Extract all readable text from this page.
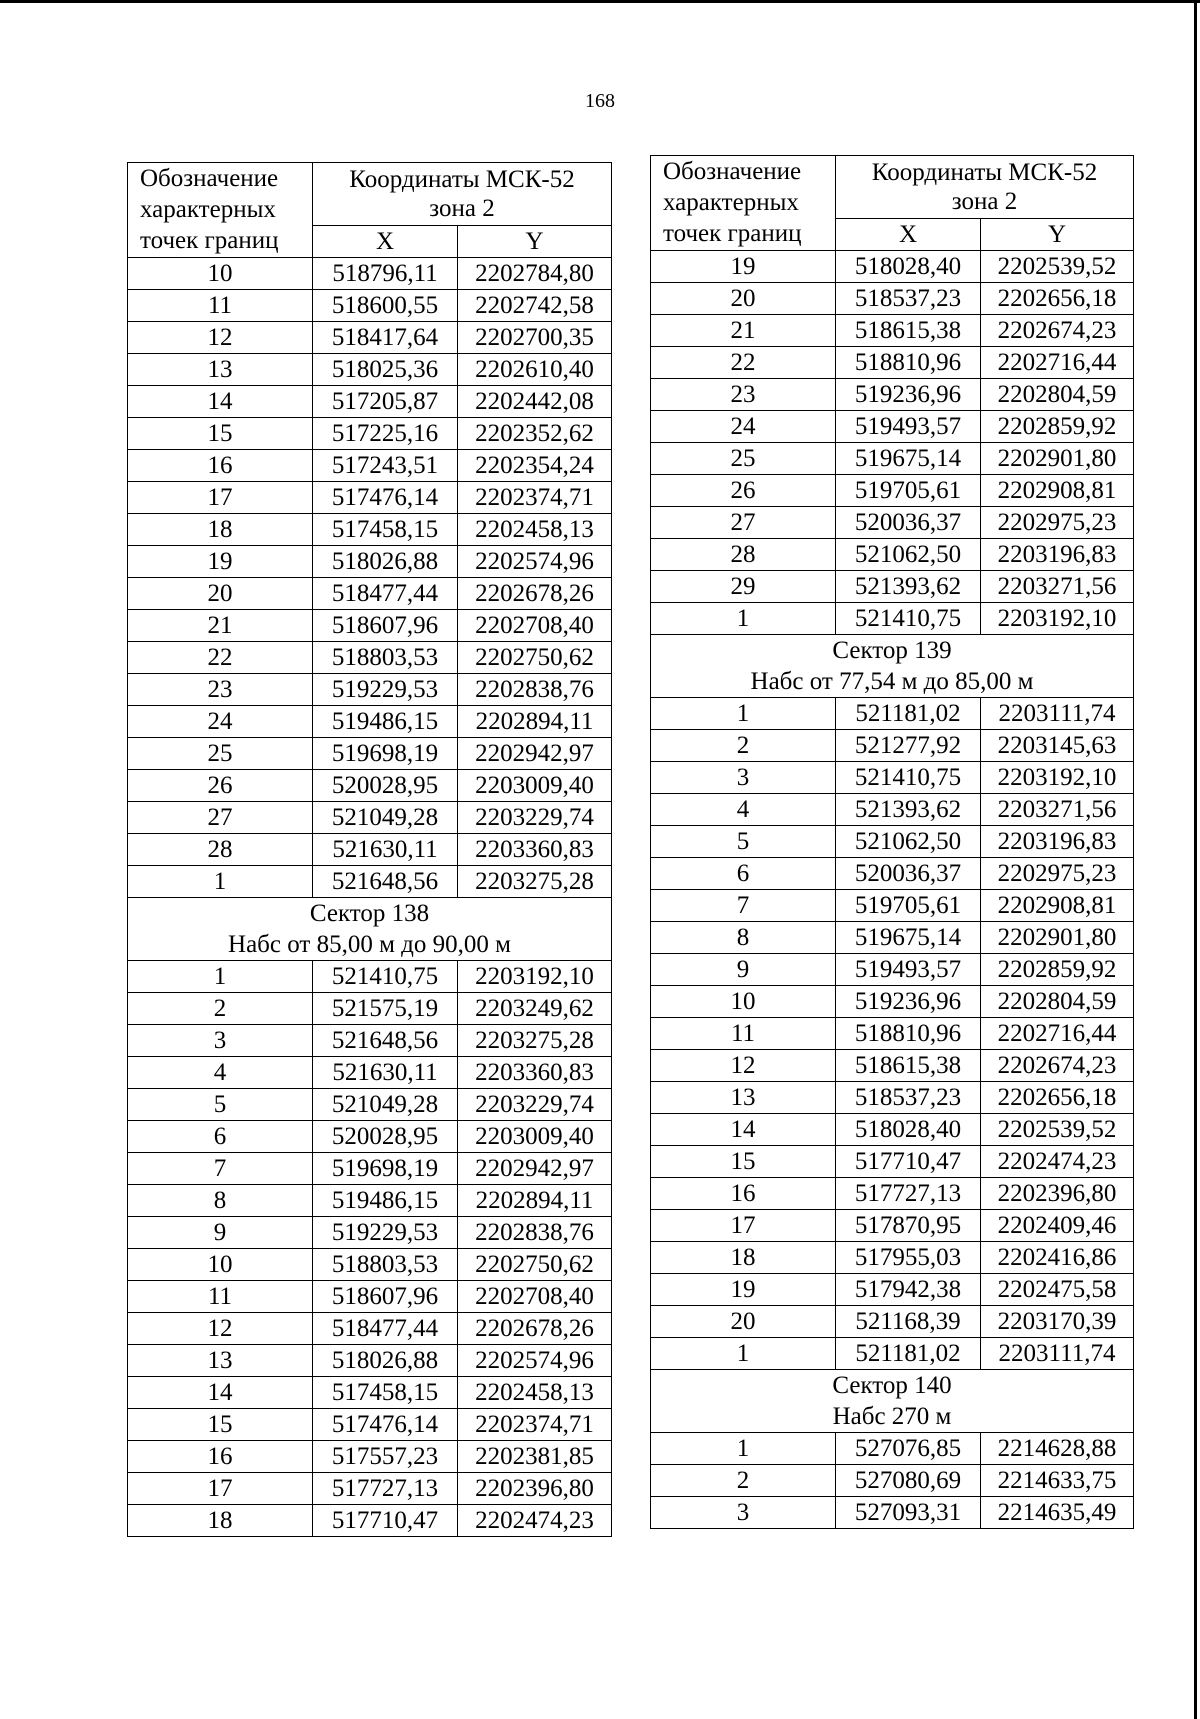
168
Обозначение
характерных
точек границ	Координаты МСК-52
зона 2	

	X	Y
10	518796,11	2202784,80
11	518600,55	2202742,58
12	518417,64	2202700,35
13	518025,36	2202610,40
14	517205,87	2202442,08
15	517225,16	2202352,62
16	517243,51	2202354,24
17	517476,14	2202374,71
18	517458,15	2202458,13
19	518026,88	2202574,96
20	518477,44	2202678,26
21	518607,96	2202708,40
22	518803,53	2202750,62
23	519229,53	2202838,76
24	519486,15	2202894,11
25	519698,19	2202942,97
26	520028,95	2203009,40
27	521049,28	2203229,74
28	521630,11	2203360,83
1	521648,56	2203275,28

Сектор 138
Набс от 85,00 м до 90,00 м		

1	521410,75	2203192,10
2	521575,19	2203249,62
3	521648,56	2203275,28
4	521630,11	2203360,83
5	521049,28	2203229,74
6	520028,95	2203009,40
7	519698,19	2202942,97
8	519486,15	2202894,11
9	519229,53	2202838,76
10	518803,53	2202750,62
11	518607,96	2202708,40
12	518477,44	2202678,26
13	518026,88	2202574,96
14	517458,15	2202458,13
15	517476,14	2202374,71
16	517557,23	2202381,85
17	517727,13	2202396,80
18	517710,47	2202474,23
Обозначение
характерных
точек границ	Координаты МСК-52
зона 2	

	X	Y
19	518028,40	2202539,52
20	518537,23	2202656,18
21	518615,38	2202674,23
22	518810,96	2202716,44
23	519236,96	2202804,59
24	519493,57	2202859,92
25	519675,14	2202901,80
26	519705,61	2202908,81
27	520036,37	2202975,23
28	521062,50	2203196,83
29	521393,62	2203271,56
1	521410,75	2203192,10

Сектор 139
Набс от 77,54 м до 85,00 м		

1	521181,02	2203111,74
2	521277,92	2203145,63
3	521410,75	2203192,10
4	521393,62	2203271,56
5	521062,50	2203196,83
6	520036,37	2202975,23
7	519705,61	2202908,81
8	519675,14	2202901,80
9	519493,57	2202859,92
10	519236,96	2202804,59
11	518810,96	2202716,44
12	518615,38	2202674,23
13	518537,23	2202656,18
14	518028,40	2202539,52
15	517710,47	2202474,23
16	517727,13	2202396,80
17	517870,95	2202409,46
18	517955,03	2202416,86
19	517942,38	2202475,58
20	521168,39	2203170,39
1	521181,02	2203111,74

Сектор 140
Набс 270 м		

1	527076,85	2214628,88
2	527080,69	2214633,75
3	527093,31	2214635,49
